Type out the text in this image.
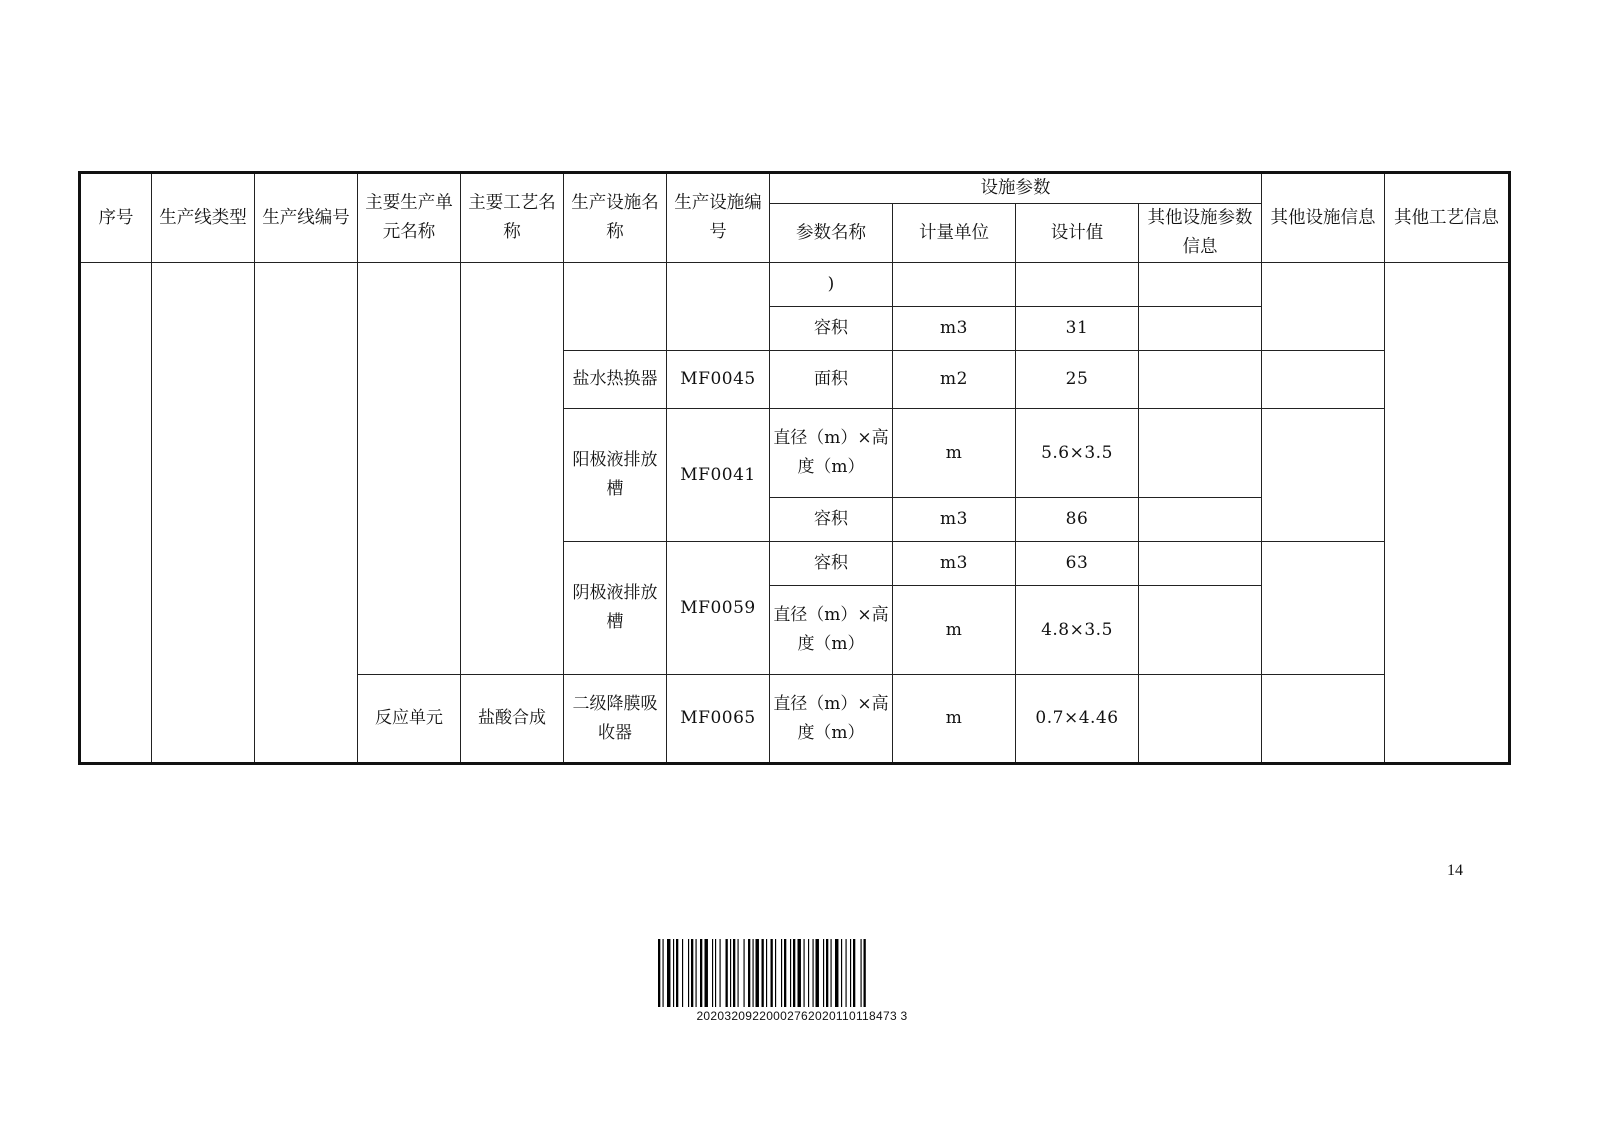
序号	生产线类型	生产线编号	主要生产单元名称	主要工艺名称	生产设施名称	生产设施编号	设施参数				其他设施信息	其他工艺信息
							参数名称	计量单位	设计值	其他设施参数信息		
							)					
							容积	m3	31			
					盐水热换器	MF0045	面积	m2	25			
					阳极液排放槽	MF0041	直径（m）×高度（m）	m	5.6×3.5			
							容积	m3	86			
					阴极液排放槽	MF0059	容积	m3	63			
							直径（m）×高度（m）	m	4.8×3.5			
			反应单元	盐酸合成	二级降膜吸收器	MF0065	直径（m）×高度（m）	m	0.7×4.46			
14
20203209220002762020110118473 3
